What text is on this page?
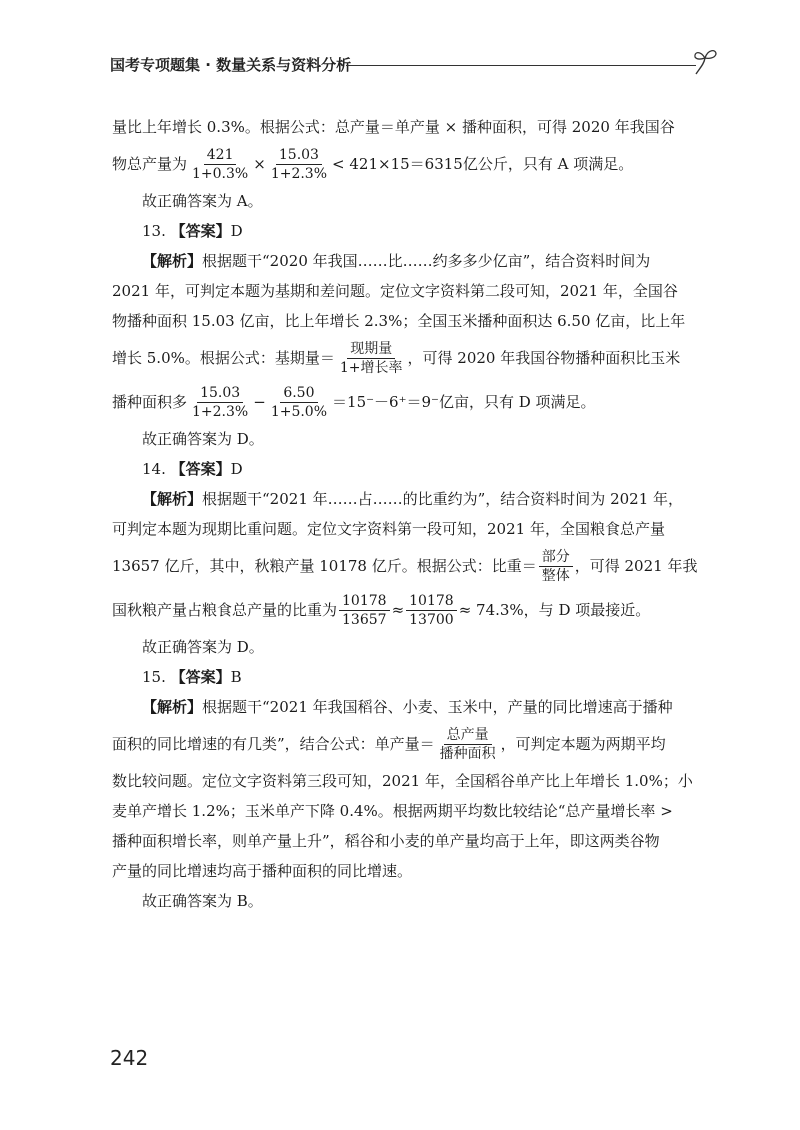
国考专项题集 · 数量关系与资料分析
量比上年增长 0.3%。根据公式：总产量＝单产量 × 播种面积，可得 2020 年我国谷
物总产量为 $\frac{421}{1+0.3\%} \times \frac{15.03}{1+2.3\%} < 421\times 15=6315$亿公斤，只有 A 项满足。
故正确答案为 A。
13. 【答案】D
【解析】根据题干“2020 年我国……比……约多多少亿亩”，结合资料时间为
2021 年，可判定本题为基期和差问题。定位文字资料第二段可知，2021 年，全国谷
物播种面积 15.03 亿亩，比上年增长 2.3%；全国玉米播种面积达 6.50 亿亩，比上年
增长 5.0%。根据公式：基期量＝ $\frac{\text{现期量}}{\text{1+增长率}}$ ，可得 2020 年我国谷物播种面积比玉米
播种面积多 $\frac{15.03}{1+2.3\%} - \frac{6.50}{1+5.0\%} =15^--6^+=9^-$亿亩，只有 D 项满足。
故正确答案为 D。
14. 【答案】D
【解析】根据题干“2021 年……占……的比重约为”，结合资料时间为 2021 年，
可判定本题为现期比重问题。定位文字资料第一段可知，2021 年，全国粮食总产量
13657 亿斤，其中，秋粮产量 10178 亿斤。根据公式：比重＝ $\frac{\text{部分}}{\text{整体}}$ ，可得 2021 年我
国秋粮产量占粮食总产量的比重为 $\frac{10178}{13657} \approx \frac{10178}{13700} \approx 74.3\%$，与 D 项最接近。
故正确答案为 D。
15. 【答案】B
【解析】根据题干“2021 年我国稻谷、小麦、玉米中，产量的同比增速高于播种
面积的同比增速的有几类”，结合公式：单产量＝ $\frac{\text{总产量}}{\text{播种面积}}$ ，可判定本题为两期平均
数比较问题。定位文字资料第三段可知，2021 年，全国稻谷单产比上年增长 1.0%；小
麦单产增长 1.2%；玉米单产下降 0.4%。根据两期平均数比较结论“总产量增长率 >
播种面积增长率，则单产量上升”，稻谷和小麦的单产量均高于上年，即这两类谷物
产量的同比增速均高于播种面积的同比增速。
故正确答案为 B。
242
